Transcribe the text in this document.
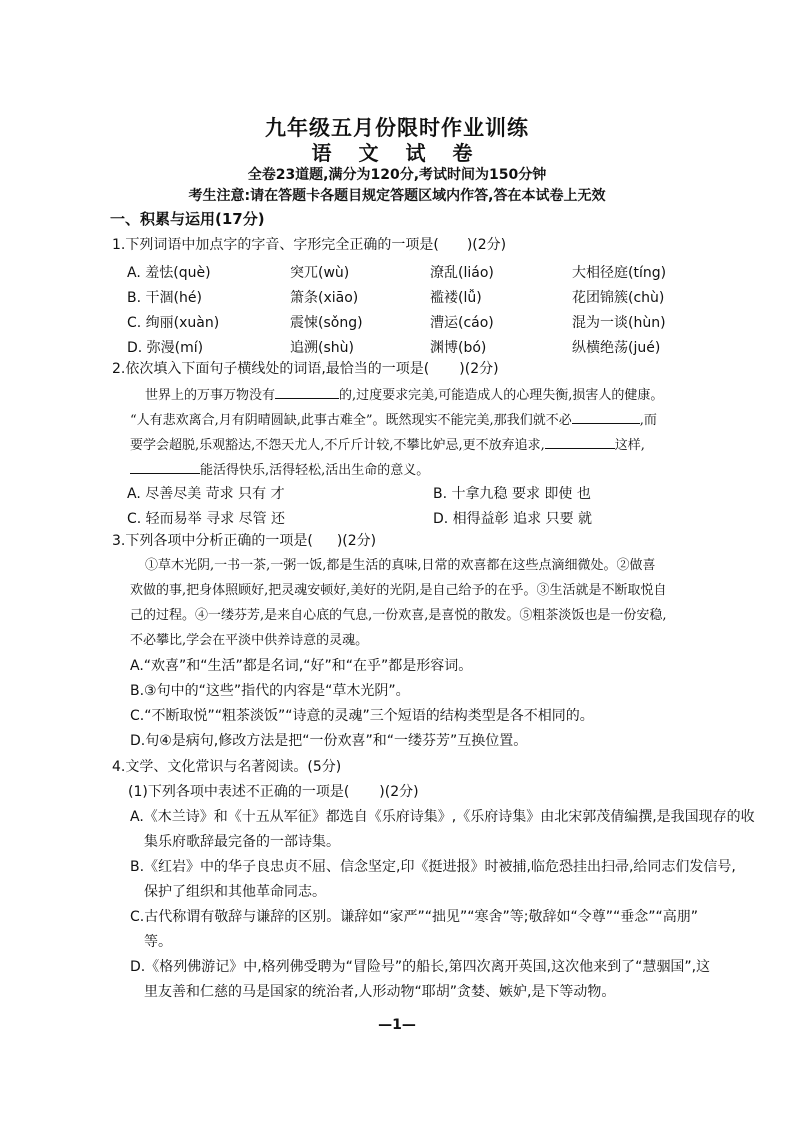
九年级五月份限时作业训练
语 文 试 卷
全卷23道题,满分为120分,考试时间为150分钟
考生注意:请在答题卡各题目规定答题区域内作答,答在本试卷上无效
一、积累与运用(17分)
1.下列词语中加点字的字音、字形完全正确的一项是( )(2分)
A. 羞怯(què)	突兀(wù)	潦乱(liáo)	大相径庭(tíng)
B. 干涸(hé)	箫条(xiāo)	褴褛(lǚ)	花团锦簇(chù)
C. 绚丽(xuàn)	震悚(sǒng)	漕运(cáo)	混为一谈(hùn)
D. 弥漫(mí)	追溯(shù)	渊博(bó)	纵横绝荡(jué)
2.依次填入下面句子横线处的词语,最恰当的一项是( )(2分)
世界上的万事万物没有	的,过度要求完美,可能造成人的心理失衡,损害人的健康。
“人有悲欢离合,月有阴晴圆缺,此事古难全”。既然现实不能完美,那我们就不必	,而
要学会超脱,乐观豁达,不怨天尤人,不斤斤计较,不攀比妒忌,更不放弃追求,	这样,
能活得快乐,活得轻松,活出生命的意义。
A. 尽善尽美 苛求 只有 才	B. 十拿九稳 要求 即使 也
C. 轻而易举 寻求 尽管 还	D. 相得益彰 追求 只要 就
3.下列各项中分析正确的一项是( )(2分)
①草木光阴,一书一茶,一粥一饭,都是生活的真味,日常的欢喜都在这些点滴细微处。②做喜
欢做的事,把身体照顾好,把灵魂安顿好,美好的光阴,是自己给予的在乎。③生活就是不断取悦自
己的过程。④一缕芬芳,是来自心底的气息,一份欢喜,是喜悦的散发。⑤粗茶淡饭也是一份安稳,
不必攀比,学会在平淡中供养诗意的灵魂。
A.“欢喜”和“生活”都是名词,“好”和“在乎”都是形容词。
B.③句中的“这些”指代的内容是“草木光阴”。
C.“不断取悦”“粗茶淡饭”“诗意的灵魂”三个短语的结构类型是各不相同的。
D.句④是病句,修改方法是把“一份欢喜”和“一缕芬芳”互换位置。
4.文学、文化常识与名著阅读。(5分)
(1)下列各项中表述不正确的一项是( )(2分)
A.《木兰诗》和《十五从军征》都选自《乐府诗集》,《乐府诗集》由北宋郭茂倩编撰,是我国现存的收
集乐府歌辞最完备的一部诗集。
B.《红岩》中的华子良忠贞不屈、信念坚定,印《挺进报》时被捕,临危恐挂出扫帚,给同志们发信号,
保护了组织和其他革命同志。
C.古代称谓有敬辞与谦辞的区别。谦辞如“家严”“拙见”“寒舍”等;敬辞如“令尊”“垂念”“高朋”
等。
D.《格列佛游记》中,格列佛受聘为“冒险号”的船长,第四次离开英国,这次他来到了“慧骃国”,这
里友善和仁慈的马是国家的统治者,人形动物“耶胡”贪婪、嫉妒,是下等动物。
—1—
